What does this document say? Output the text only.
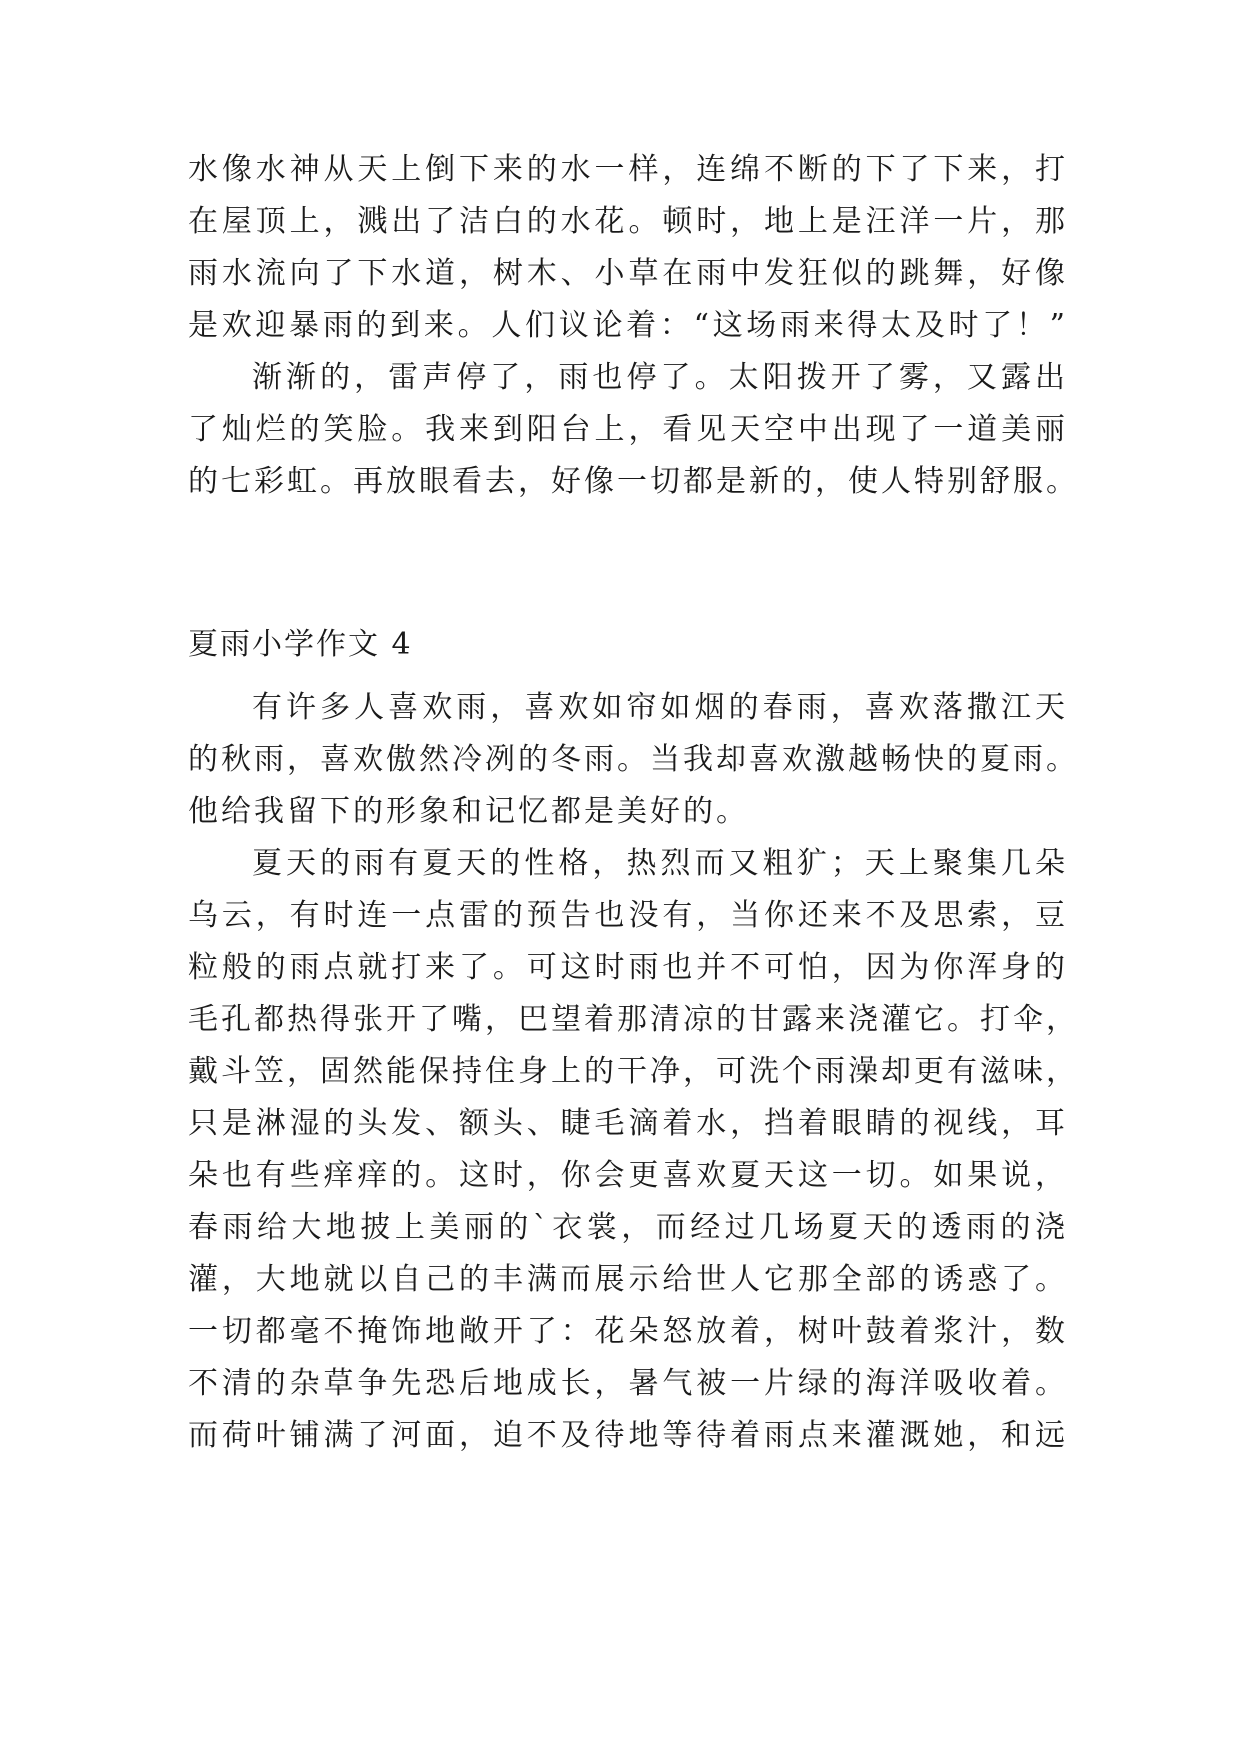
水像水神从天上倒下来的水一样，连绵不断的下了下来，打
在屋顶上，溅出了洁白的水花。顿时，地上是汪洋一片，那
雨水流向了下水道，树木、小草在雨中发狂似的跳舞，好像
是欢迎暴雨的到来。人们议论着：“这场雨来得太及时了！”
渐渐的，雷声停了，雨也停了。太阳拨开了雾，又露出
了灿烂的笑脸。我来到阳台上，看见天空中出现了一道美丽
的七彩虹。再放眼看去，好像一切都是新的，使人特别舒服。
夏雨小学作文 4
有许多人喜欢雨，喜欢如帘如烟的春雨，喜欢落撒江天
的秋雨，喜欢傲然冷冽的冬雨。当我却喜欢激越畅快的夏雨。
他给我留下的形象和记忆都是美好的。
夏天的雨有夏天的性格，热烈而又粗犷；天上聚集几朵
乌云，有时连一点雷的预告也没有，当你还来不及思索，豆
粒般的雨点就打来了。可这时雨也并不可怕，因为你浑身的
毛孔都热得张开了嘴，巴望着那清凉的甘露来浇灌它。打伞，
戴斗笠，固然能保持住身上的干净，可洗个雨澡却更有滋味，
只是淋湿的头发、额头、睫毛滴着水，挡着眼睛的视线，耳
朵也有些痒痒的。这时，你会更喜欢夏天这一切。如果说，
春雨给大地披上美丽的`衣裳，而经过几场夏天的透雨的浇
灌，大地就以自己的丰满而展示给世人它那全部的诱惑了。
一切都毫不掩饰地敞开了：花朵怒放着，树叶鼓着浆汁，数
不清的杂草争先恐后地成长，暑气被一片绿的海洋吸收着。
而荷叶铺满了河面，迫不及待地等待着雨点来灌溉她，和远
